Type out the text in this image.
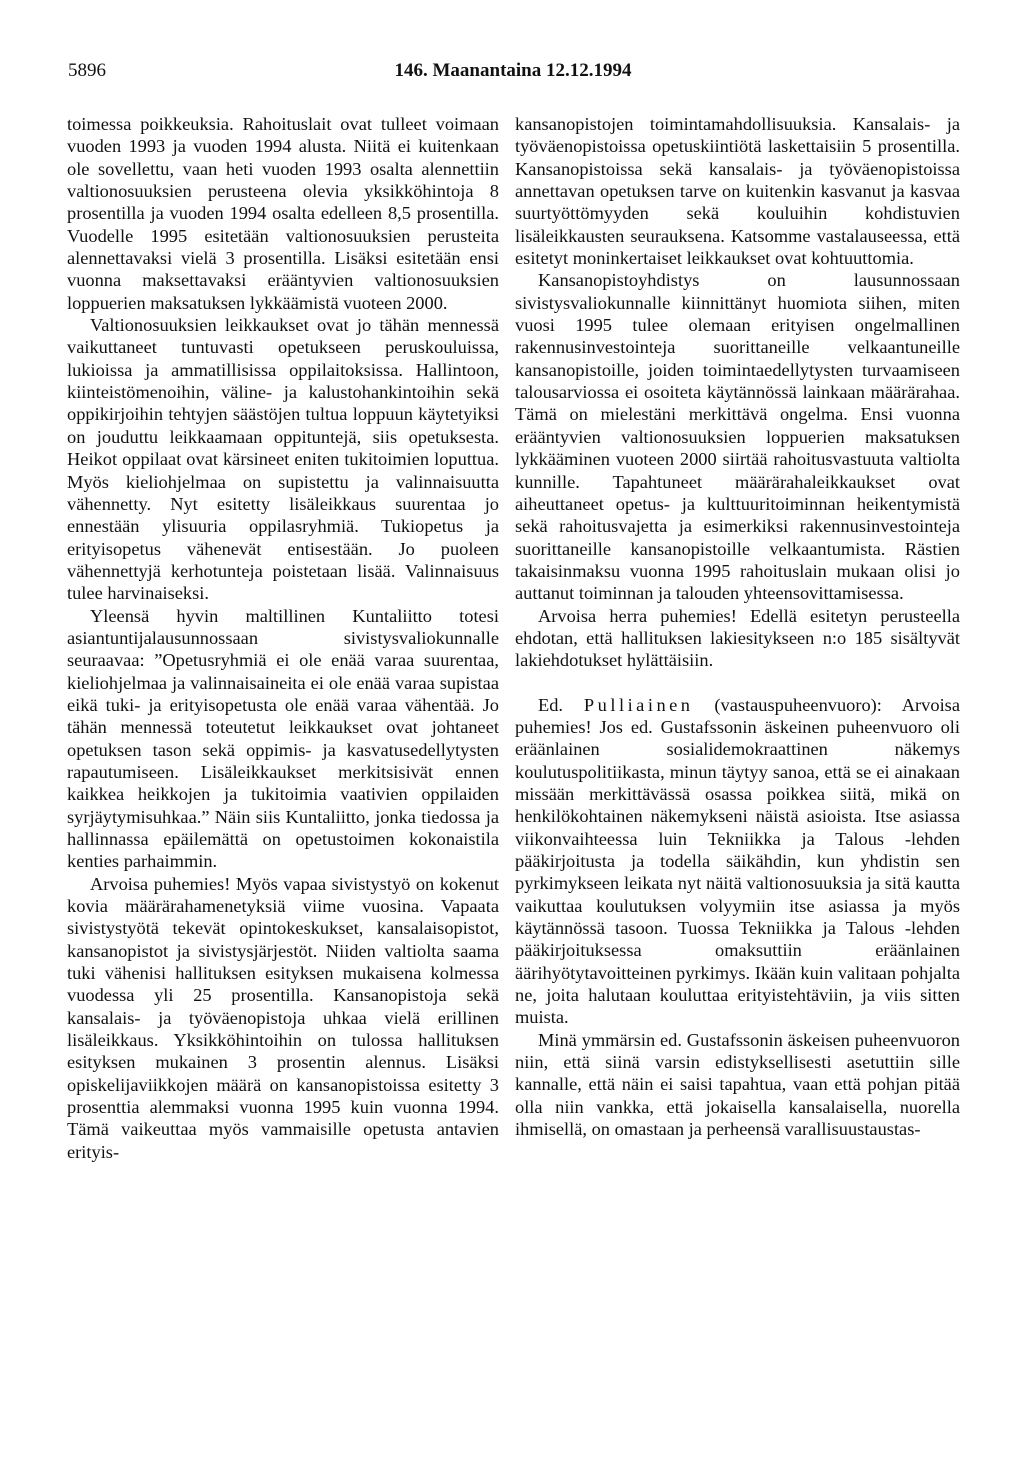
5896	146. Maanantaina 12.12.1994

toimessa poikkeuksia. Rahoituslait ovat tulleet voimaan vuoden 1993 ja vuoden 1994 alusta. Niitä ei kuitenkaan ole sovellettu, vaan heti vuoden 1993 osalta alennettiin valtionosuuksien perusteena olevia yksikköhintoja 8 prosentilla ja vuoden 1994 osalta edelleen 8,5 prosentilla. Vuodelle 1995 esitetään valtionosuuksien perusteita alennettavaksi vielä 3 prosentilla. Lisäksi esitetään ensi vuonna maksettavaksi erääntyvien valtionosuuksien loppuerien maksatuksen lykkäämistä vuoteen 2000.

Valtionosuuksien leikkaukset ovat jo tähän mennessä vaikuttaneet tuntuvasti opetukseen peruskouluissa, lukioissa ja ammatillisissa oppilaitoksissa. Hallintoon, kiinteistömenoihin, väline- ja kalustohankintoihin sekä oppikirjoihin tehtyjen säästöjen tultua loppuun käytetyiksi on jouduttu leikkaamaan oppituntejä, siis opetuksesta. Heikot oppilaat ovat kärsineet eniten tukitoimien loputtua. Myös kieliohjelmaa on supistettu ja valinnaisuutta vähennetty. Nyt esitetty lisäleikkaus suurentaa jo ennestään ylisuuria oppilasryhmiä. Tukiopetus ja erityisopetus vähenevät entisestään. Jo puoleen vähennettyjä kerhotunteja poistetaan lisää. Valinnaisuus tulee harvinaiseksi.

Yleensä hyvin maltillinen Kuntaliitto totesi asiantuntijalausunnossaan sivistysvaliokunnalle seuraavaa: ”Opetusryhmiä ei ole enää varaa suurentaa, kieliohjelmaa ja valinnaisaineita ei ole enää varaa supistaa eikä tuki- ja erityisopetusta ole enää varaa vähentää. Jo tähän mennessä toteutetut leikkaukset ovat johtaneet opetuksen tason sekä oppimis- ja kasvatusedellytysten rapautumiseen. Lisäleikkaukset merkitsisivät ennen kaikkea heikkojen ja tukitoimia vaativien oppilaiden syrjäytymisuhkaa.” Näin siis Kuntaliitto, jonka tiedossa ja hallinnassa epäilemättä on opetustoimen kokonaistila kenties parhaimmin.

Arvoisa puhemies! Myös vapaa sivistystyö on kokenut kovia määrärahamenetyksiä viime vuosina. Vapaata sivistystyötä tekevät opintokeskukset, kansalaisopistot, kansanopistot ja sivistysjärjestöt. Niiden valtiolta saama tuki vähenisi hallituksen esityksen mukaisena kolmessa vuodessa yli 25 prosentilla. Kansanopistoja sekä kansalais- ja työväenopistoja uhkaa vielä erillinen lisäleikkaus. Yksikköhintoihin on tulossa hallituksen esityksen mukainen 3 prosentin alennus. Lisäksi opiskelijaviikkojen määrä on kansanopistoissa esitetty 3 prosenttia alemmaksi vuonna 1995 kuin vuonna 1994. Tämä vaikeuttaa myös vammaisille opetusta antavien erityis-

kansanopistojen toimintamahdollisuuksia. Kansalais- ja työväenopistoissa opetuskiintiötä laskettaisiin 5 prosentilla. Kansanopistoissa sekä kansalais- ja työväenopistoissa annettavan opetuksen tarve on kuitenkin kasvanut ja kasvaa suurtyöttömyyden sekä kouluihin kohdistuvien lisäleikkausten seurauksena. Katsomme vastalauseessa, että esitetyt moninkertaiset leikkaukset ovat kohtuuttomia.

Kansanopistoyhdistys on lausunnossaan sivistysvaliokunnalle kiinnittänyt huomiota siihen, miten vuosi 1995 tulee olemaan erityisen ongelmallinen rakennusinvestointeja suorittaneille velkaantuneille kansanopistoille, joiden toimintaedellytysten turvaamiseen talousarviossa ei osoiteta käytännössä lainkaan määrärahaa. Tämä on mielestäni merkittävä ongelma. Ensi vuonna erääntyvien valtionosuuksien loppuerien maksatuksen lykkääminen vuoteen 2000 siirtää rahoitusvastuuta valtiolta kunnille. Tapahtuneet määrärahaleikkaukset ovat aiheuttaneet opetus- ja kulttuuritoiminnan heikentymistä sekä rahoitusvajetta ja esimerkiksi rakennusinvestointeja suorittaneille kansanopistoille velkaantumista. Rästien takaisinmaksu vuonna 1995 rahoituslain mukaan olisi jo auttanut toiminnan ja talouden yhteensovittamisessa.

Arvoisa herra puhemies! Edellä esitetyn perusteella ehdotan, että hallituksen lakiesitykseen n:o 185 sisältyvät lakiehdotukset hylättäisiin.

Ed. Pulliainen (vastauspuheenvuoro): Arvoisa puhemies! Jos ed. Gustafssonin äskeinen puheenvuoro oli eräänlainen sosialidemokraattinen näkemys koulutuspolitiikasta, minun täytyy sanoa, että se ei ainakaan missään merkittävässä osassa poikkea siitä, mikä on henkilökohtainen näkemykseni näistä asioista. Itse asiassa viikonvaihteessa luin Tekniikka ja Talous -lehden pääkirjoitusta ja todella säikähdin, kun yhdistin sen pyrkimykseen leikata nyt näitä valtionosuuksia ja sitä kautta vaikuttaa koulutuksen volyymiin itse asiassa ja myös käytännössä tasoon. Tuossa Tekniikka ja Talous -lehden pääkirjoituksessa omaksuttiin eräänlainen äärihyötytavoitteinen pyrkimys. Ikään kuin valitaan pohjalta ne, joita halutaan kouluttaa erityistehtäviin, ja viis sitten muista.

Minä ymmärsin ed. Gustafssonin äskeisen puheenvuoron niin, että siinä varsin edistyksellisesti asetuttiin sille kannalle, että näin ei saisi tapahtua, vaan että pohjan pitää olla niin vankka, että jokaisella kansalaisella, nuorella ihmisellä, on omastaan ja perheensä varallisuustaustas-
